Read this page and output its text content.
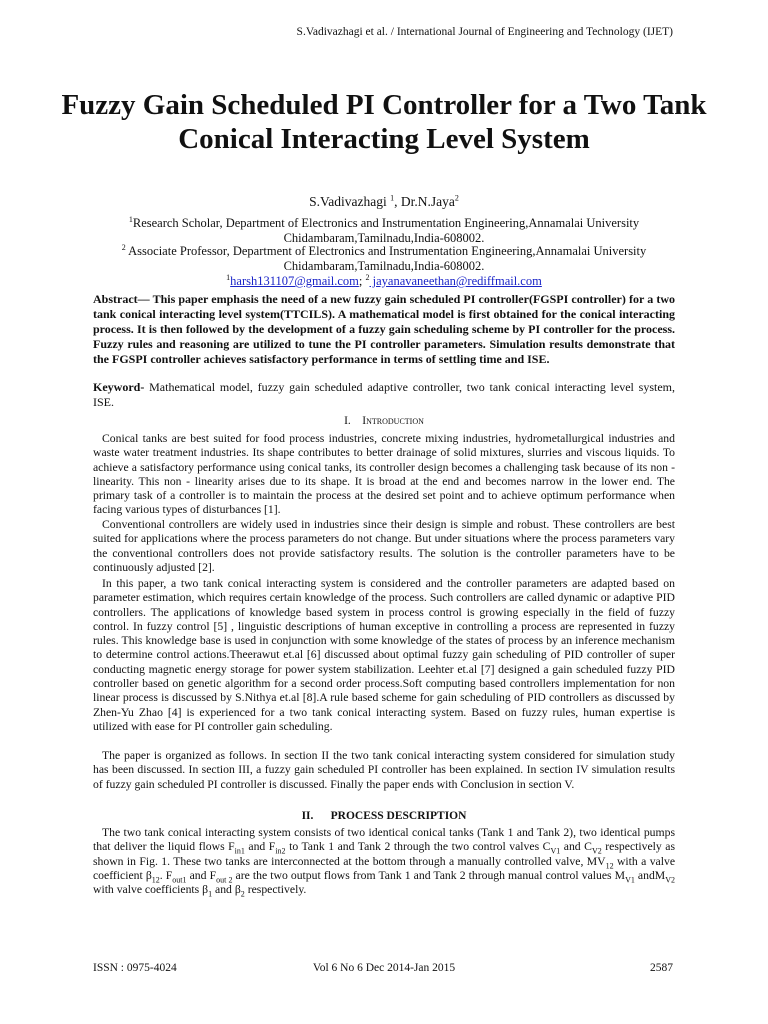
S.Vadivazhagi et al. / International Journal of Engineering and Technology (IJET)
Fuzzy Gain Scheduled PI Controller for a Two Tank Conical Interacting Level System
S.Vadivazhagi $^1$, Dr.N.Jaya$^2$
$^1$Research Scholar, Department of Electronics and Instrumentation Engineering,Annamalai University
Chidambaram,Tamilnadu,India-608002.
$^2$ Associate Professor, Department of Electronics and Instrumentation Engineering,Annamalai University
Chidambaram,Tamilnadu,India-608002.
$^1$harsh131107@gmail.com; $^2$ jayanavaneethan@rediffmail.com

Abstract— This paper emphasis the need of a new fuzzy gain scheduled PI controller(FGSPI controller) for a two tank conical interacting level system(TTCILS). A mathematical model is first obtained for the conical interacting process. It is then followed by the development of a fuzzy gain scheduling scheme by PI controller for the process. Fuzzy rules and reasoning are utilized to tune the PI controller parameters. Simulation results demonstrate that the FGSPI controller achieves satisfactory performance in terms of settling time and ISE.

Keyword- Mathematical model, fuzzy gain scheduled adaptive controller, two tank conical interacting level system, ISE.

I. Introduction

Conical tanks are best suited for food process industries, concrete mixing industries, hydrometallurgical industries and waste water treatment industries. Its shape contributes to better drainage of solid mixtures, slurries and viscous liquids. To achieve a satisfactory performance using conical tanks, its controller design becomes a challenging task because of its non - linearity. This non - linearity arises due to its shape. It is broad at the end and becomes narrow in the lower end. The primary task of a controller is to maintain the process at the desired set point and to achieve optimum performance when facing various types of disturbances [1].

Conventional controllers are widely used in industries since their design is simple and robust. These controllers are best suited for applications where the process parameters do not change. But under situations where the process parameters vary the conventional controllers does not provide satisfactory results. The solution is the controller parameters have to be continuously adjusted [2].

In this paper, a two tank conical interacting system is considered and the controller parameters are adapted based on parameter estimation, which requires certain knowledge of the process. Such controllers are called dynamic or adaptive PID controllers. The applications of knowledge based system in process control is growing especially in the field of fuzzy control. In fuzzy control [5] , linguistic descriptions of human exceptive in controlling a process are represented in fuzzy rules. This knowledge base is used in conjunction with some knowledge of the states of process by an inference mechanism to determine control actions.Theerawut et.al [6] discussed about optimal fuzzy gain scheduling of PID controller of super conducting magnetic energy storage for power system stabilization. Leehter et.al [7] designed a gain scheduled fuzzy PID controller based on genetic algorithm for a second order process.Soft computing based controllers implementation for non linear process is discussed by S.Nithya et.al [8].A rule based scheme for gain scheduling of PID controllers as discussed by Zhen-Yu Zhao [4] is experienced for a two tank conical interacting system. Based on fuzzy rules, human expertise is utilized with ease for PI controller gain scheduling.

The paper is organized as follows. In section II the two tank conical interacting system considered for simulation study has been discussed. In section III, a fuzzy gain scheduled PI controller has been explained. In section IV simulation results of fuzzy gain scheduled PI controller is discussed. Finally the paper ends with Conclusion in section V.

II. PROCESS DESCRIPTION

The two tank conical interacting system consists of two identical conical tanks (Tank 1 and Tank 2), two identical pumps that deliver the liquid flows $F_{in1}$ and $F_{in2}$ to Tank 1 and Tank 2 through the two control valves $C_{V1}$ and $C_{V2}$ respectively as shown in Fig. 1. These two tanks are interconnected at the bottom through a manually controlled valve, $MV_{12}$ with a valve coefficient $\beta_{12}$. $F_{out1}$ and $F_{out 2}$ are the two output flows from Tank 1 and Tank 2 through manual control values $M_{V1}$ andM$_{V2}$ with valve coefficients $\beta_1$ and $\beta_2$ respectively.

ISSN : 0975-4024	Vol 6 No 6 Dec 2014-Jan 2015	2587
